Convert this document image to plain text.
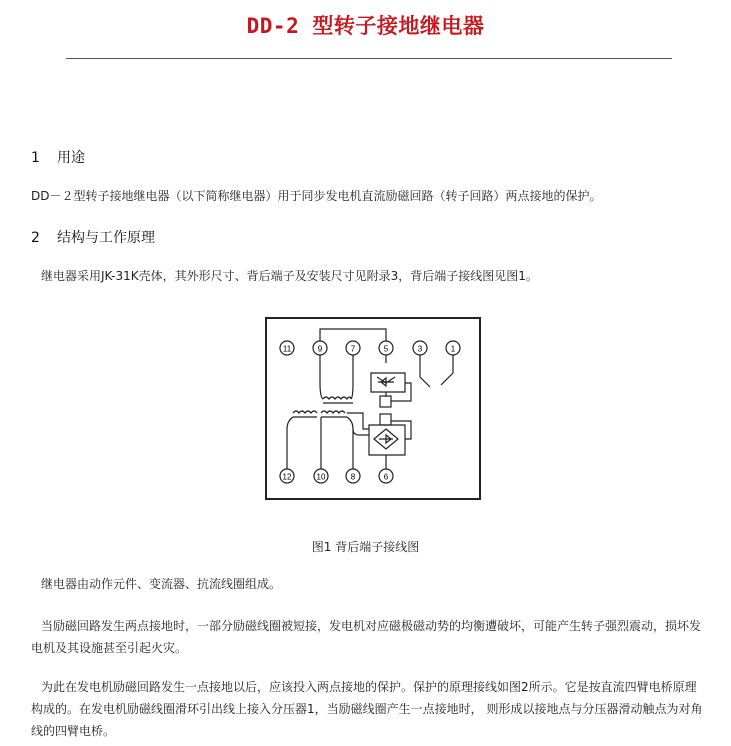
DD-2 型转子接地继电器
1 用途
DD－２型转子接地继电器（以下简称继电器）用于同步发电机直流励磁回路（转子回路）两点接地的保护。
2 结构与工作原理
继电器采用JK-31K壳体，其外形尺寸、背后端子及安装尺寸见附录3，背后端子接线图见图1。
11	9	7	5	3	1
12	10	8	6
图1 背后端子接线图
继电器由动作元件、变流器、抗流线圈组成。
当励磁回路发生两点接地时，一部分励磁线圈被短接，发电机对应磁极磁动势的均衡遭破坏，可能产生转子强烈震动，损坏发电机及其设施甚至引起火灾。
为此在发电机励磁回路发生一点接地以后，应该投入两点接地的保护。保护的原理接线如图2所示。它是按直流四臂电桥原理构成的。在发电机励磁线圈滑环引出线上接入分压器1，当励磁线圈产生一点接地时， 则形成以接地点与分压器滑动触点为对角线的四臂电桥。
